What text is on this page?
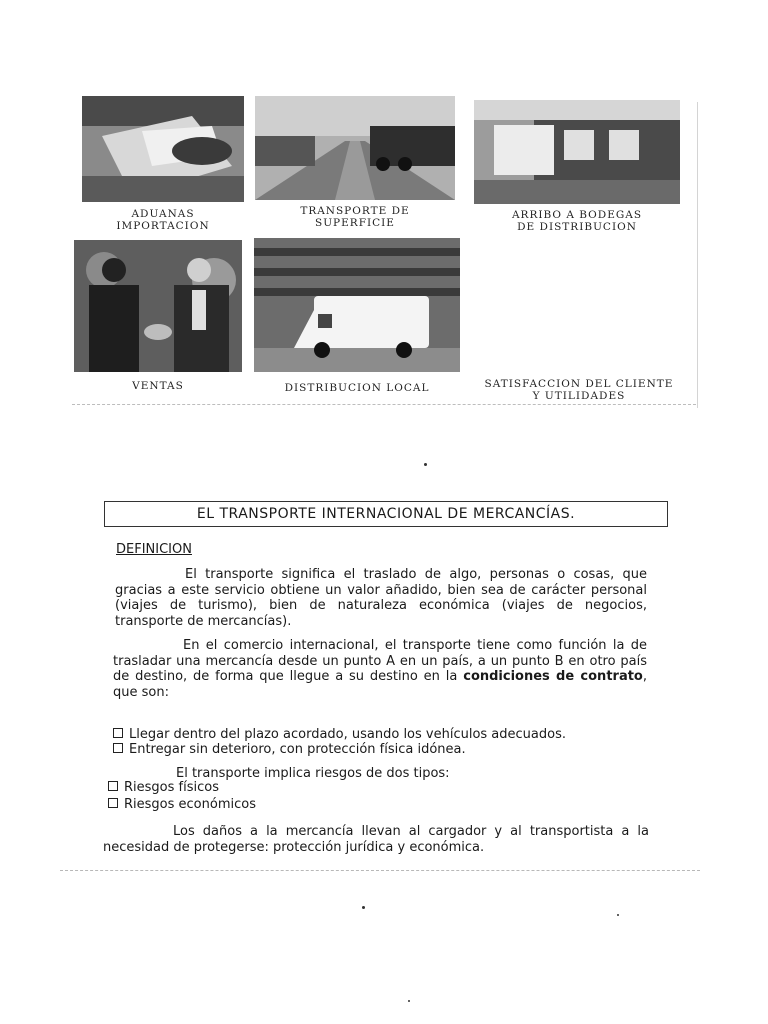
ADUANAS
IMPORTACION
TRANSPORTE DE
SUPERFICIE
ARRIBO A BODEGAS
DE DISTRIBUCION
VENTAS	DISTRIBUCION LOCAL	SATISFACCION DEL CLIENTE
Y UTILIDADES
EL TRANSPORTE INTERNACIONAL DE MERCANCÍAS.
DEFINICION

El transporte significa el traslado de algo, personas o cosas, que gracias a este servicio obtiene un valor añadido, bien sea de carácter personal (viajes de turismo), bien de naturaleza económica (viajes de negocios, transporte de mercancías).

En el comercio internacional, el transporte tiene como función la de trasladar una mercancía desde un punto A en un país, a un punto B en otro país de destino, de forma que llegue a su destino en la condiciones de contrato, que son:

Llegar dentro del plazo acordado, usando los vehículos adecuados.
Entregar sin deterioro, con protección física idónea.
El transporte implica riesgos de dos tipos:
Riesgos físicos
Riesgos económicos

Los daños a la mercancía llevan al cargador y al transportista a la necesidad de protegerse: protección jurídica y económica.
